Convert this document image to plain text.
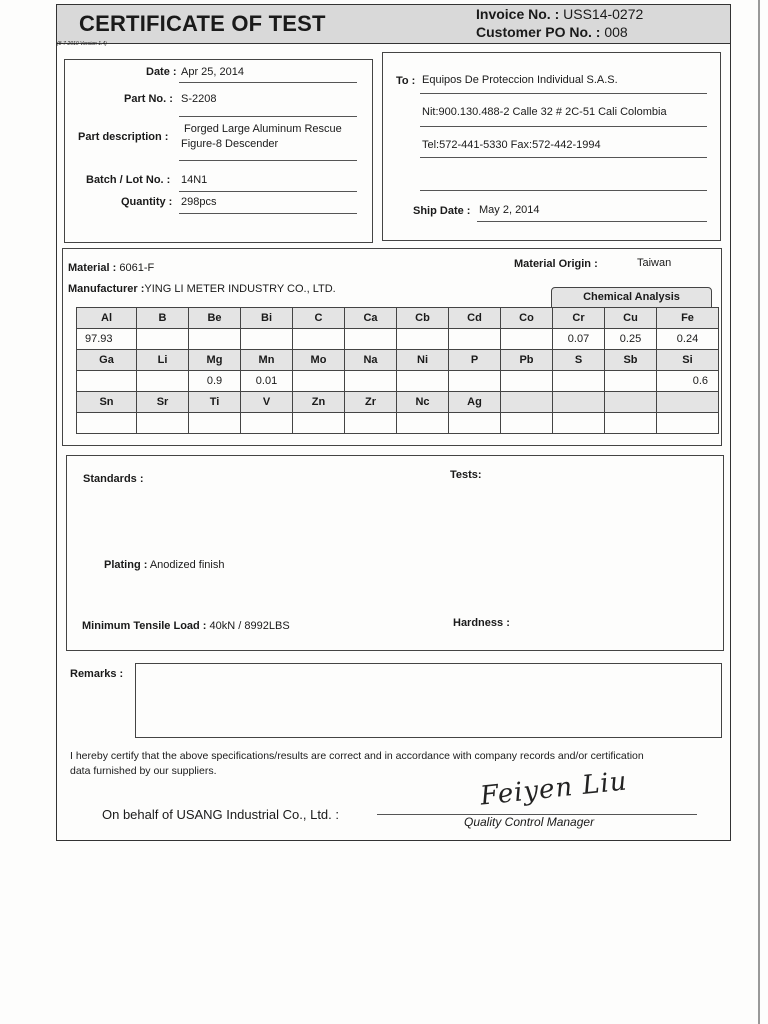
CERTIFICATE OF TEST
(8-7-2010 Version 1.4)
Invoice No. : USS14-0272
Customer PO No. : 008
Date : Apr 25, 2014
Part No. : S-2208
Part description :
Forged Large Aluminum Rescue
Figure-8 Descender
Batch / Lot No. : 14N1
Quantity : 298pcs
To : Equipos De Proteccion Individual S.A.S.
Nit:900.130.488-2 Calle 32 # 2C-51 Cali Colombia
Tel:572-441-5330 Fax:572-442-1994
Ship Date : May 2, 2014
Material : 6061-F	Material Origin :	Taiwan
Manufacturer :YING LI METER INDUSTRY CO., LTD.
Chemical Analysis
Al	B	Be	Bi	C	Ca	Cb	Cd	Co	Cr	Cu	Fe
97.93									0.07	0.25	0.24
Ga	Li	Mg	Mn	Mo	Na	Ni	P	Pb	S	Sb	Si
		0.9	0.01								0.6
Sn	Sr	Ti	V	Zn	Zr	Nc	Ag				

Standards :	Tests:
Plating : Anodized finish
Minimum Tensile Load : 40kN / 8992LBS	Hardness :
Remarks :
I hereby certify that the above specifications/results are correct and in accordance with company records and/or certification
data furnished by our suppliers.
On behalf of USANG Industrial Co., Ltd. :
Feiyen Liu
Quality Control Manager
